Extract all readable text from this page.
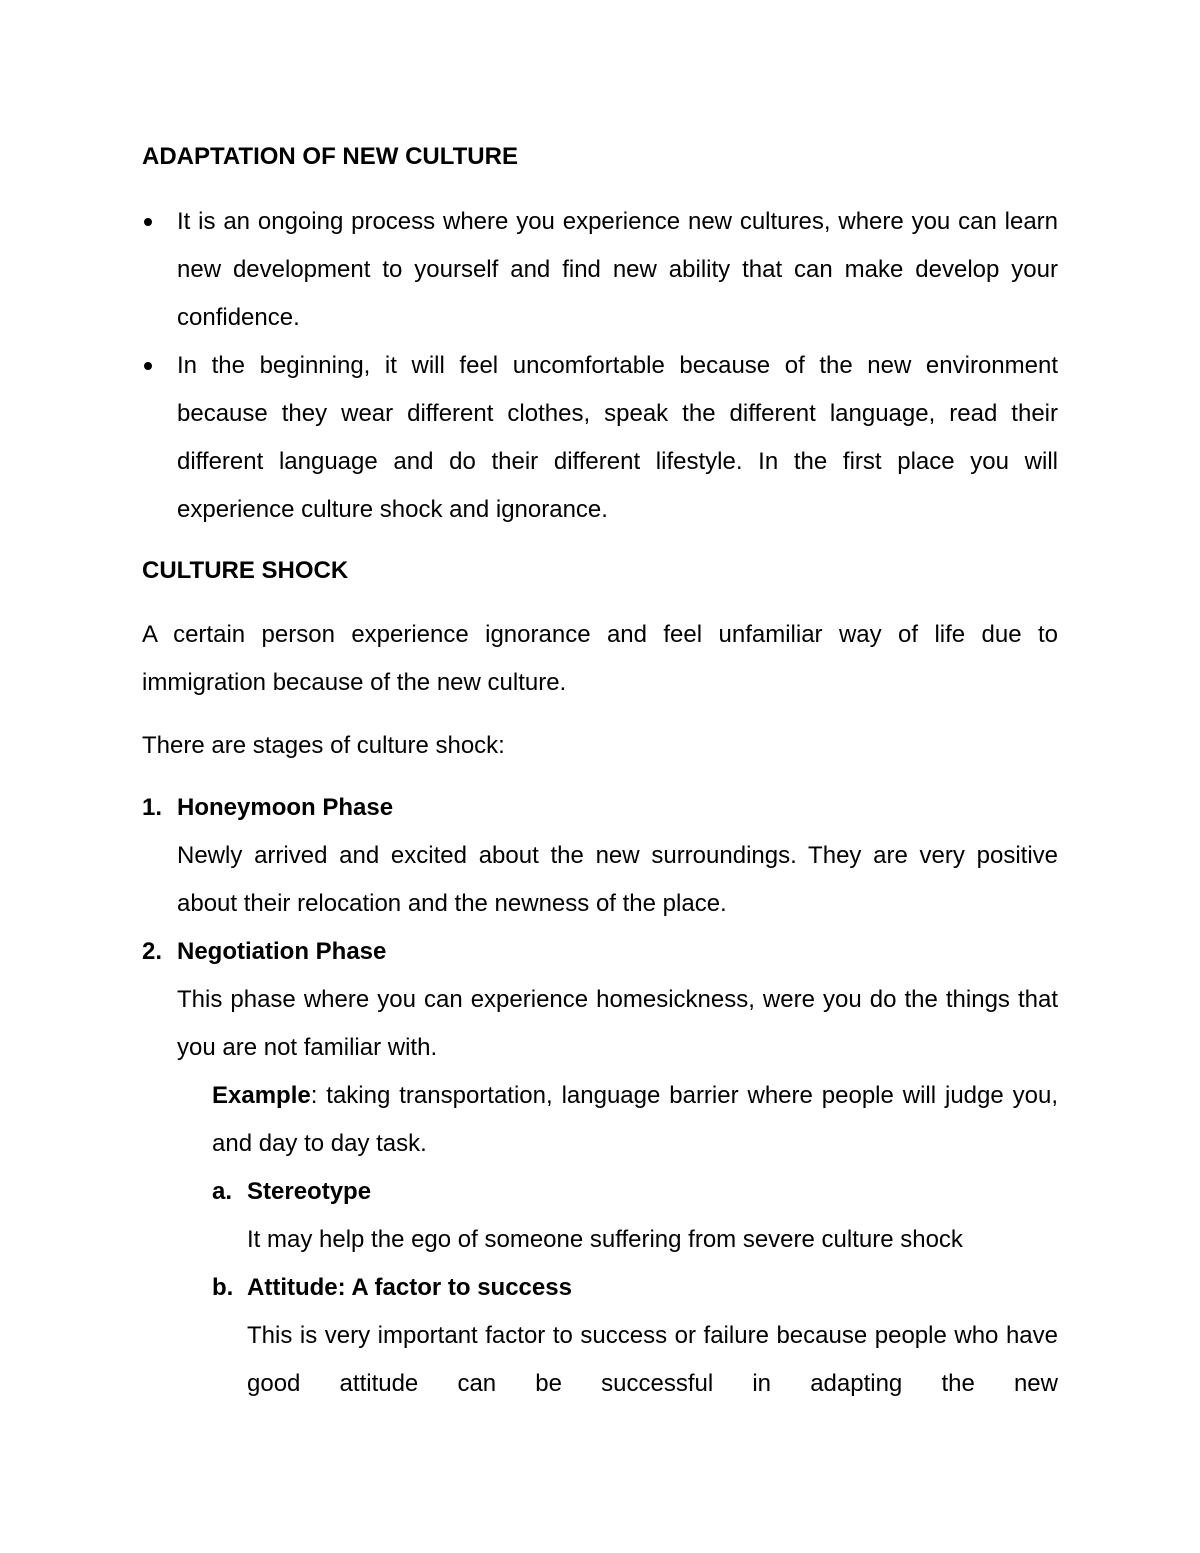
ADAPTATION OF NEW CULTURE
It is an ongoing process where you experience new cultures, where you can learn new development to yourself and find new ability that can make develop your confidence.
In the beginning, it will feel uncomfortable because of the new environment because they wear different clothes, speak the different language, read their different language and do their different lifestyle. In the first place you will experience culture shock and ignorance.
CULTURE SHOCK

A certain person experience ignorance and feel unfamiliar way of life due to immigration because of the new culture.

There are stages of culture shock:

1. Honeymoon Phase
Newly arrived and excited about the new surroundings. They are very positive about their relocation and the newness of the place.
2. Negotiation Phase
This phase where you can experience homesickness, were you do the things that you are not familiar with.
Example: taking transportation, language barrier where people will judge you, and day to day task.
a. Stereotype
It may help the ego of someone suffering from severe culture shock
b. Attitude: A factor to success
This is very important factor to success or failure because people who have good attitude can be successful in adapting the new
